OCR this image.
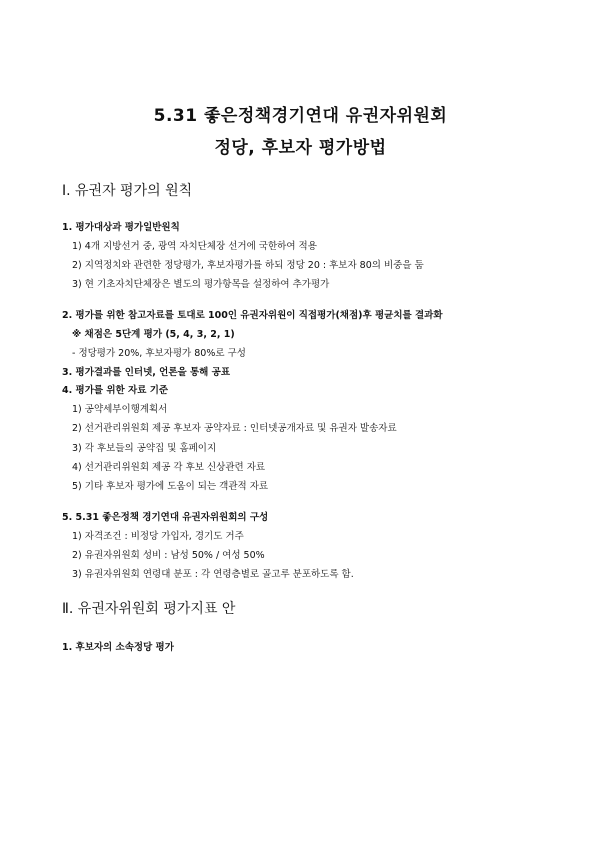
5.31 좋은정책경기연대 유권자위원회
정당, 후보자 평가방법
Ⅰ. 유권자 평가의 원칙
1. 평가대상과 평가일반원칙
1) 4개 지방선거 중, 광역 자치단체장 선거에 국한하여 적용
2) 지역정치와 관련한 정당평가, 후보자평가를 하되 정당 20 : 후보자 80의 비중을 둠
3) 현 기초자치단체장은 별도의 평가항목을 설정하여 추가평가
2. 평가를 위한 참고자료를 토대로 100인 유권자위원이 직접평가(채점)후 평균치를 결과화
※ 채점은 5단계 평가 (5, 4, 3, 2, 1)
- 정당평가 20%, 후보자평가 80%로 구성
3. 평가결과를 인터넷, 언론을 통해 공표
4. 평가를 위한 자료 기준
1) 공약세부이행계획서
2) 선거관리위원회 제공 후보자 공약자료 : 인터넷공개자료 및 유권자 발송자료
3) 각 후보들의 공약집 및 홈페이지
4) 선거관리위원회 제공 각 후보 신상관련 자료
5) 기타 후보자 평가에 도움이 되는 객관적 자료
5. 5.31 좋은정책 경기연대 유권자위원회의 구성
1) 자격조건 : 비정당 가입자, 경기도 거주
2) 유권자위원회 성비 : 남성 50% / 여성 50%
3) 유권자위원회 연령대 분포 : 각 연령층별로 골고루 분포하도록 함.
Ⅱ. 유권자위원회 평가지표 안
1. 후보자의 소속정당 평가
